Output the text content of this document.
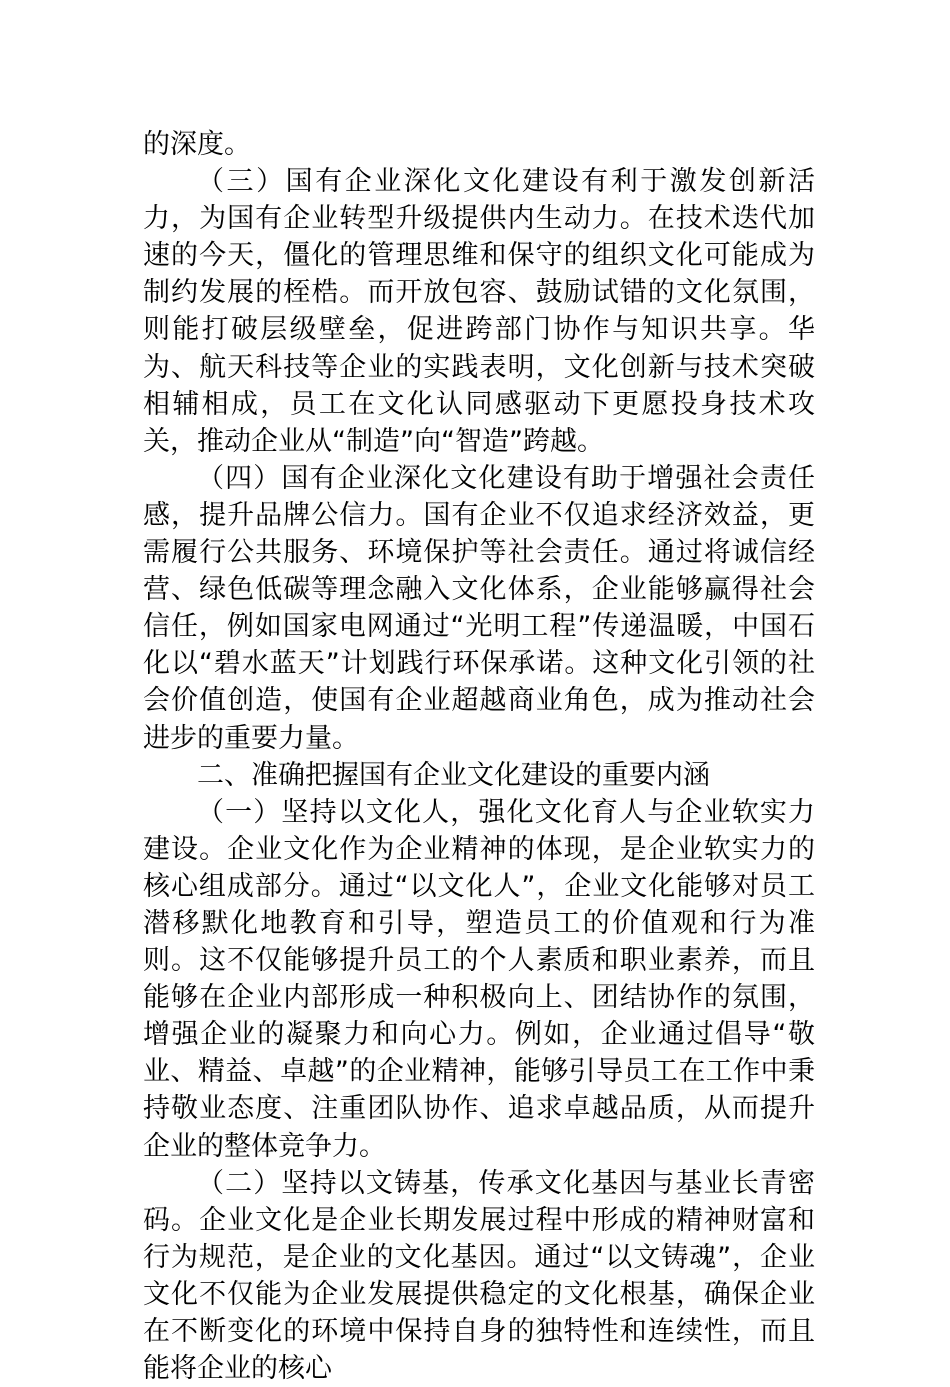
的深度。

（三）国有企业深化文化建设有利于激发创新活力，为国有企业转型升级提供内生动力。在技术迭代加速的今天，僵化的管理思维和保守的组织文化可能成为制约发展的桎梏。而开放包容、鼓励试错的文化氛围，则能打破层级壁垒，促进跨部门协作与知识共享。华为、航天科技等企业的实践表明，文化创新与技术突破相辅相成，员工在文化认同感驱动下更愿投身技术攻关，推动企业从“制造”向“智造”跨越。

（四）国有企业深化文化建设有助于增强社会责任感，提升品牌公信力。国有企业不仅追求经济效益，更需履行公共服务、环境保护等社会责任。通过将诚信经营、绿色低碳等理念融入文化体系，企业能够赢得社会信任，例如国家电网通过“光明工程”传递温暖，中国石化以“碧水蓝天”计划践行环保承诺。这种文化引领的社会价值创造，使国有企业超越商业角色，成为推动社会进步的重要力量。

二、准确把握国有企业文化建设的重要内涵

（一）坚持以文化人，强化文化育人与企业软实力建设。企业文化作为企业精神的体现，是企业软实力的核心组成部分。通过“以文化人”，企业文化能够对员工潜移默化地教育和引导，塑造员工的价值观和行为准则。这不仅能够提升员工的个人素质和职业素养，而且能够在企业内部形成一种积极向上、团结协作的氛围，增强企业的凝聚力和向心力。例如，企业通过倡导“敬业、精益、卓越”的企业精神，能够引导员工在工作中秉持敬业态度、注重团队协作、追求卓越品质，从而提升企业的整体竞争力。

（二）坚持以文铸基，传承文化基因与基业长青密码。企业文化是企业长期发展过程中形成的精神财富和行为规范，是企业的文化基因。通过“以文铸魂”，企业文化不仅能为企业发展提供稳定的文化根基，确保企业在不断变化的环境中保持自身的独特性和连续性，而且能将企业的核心
